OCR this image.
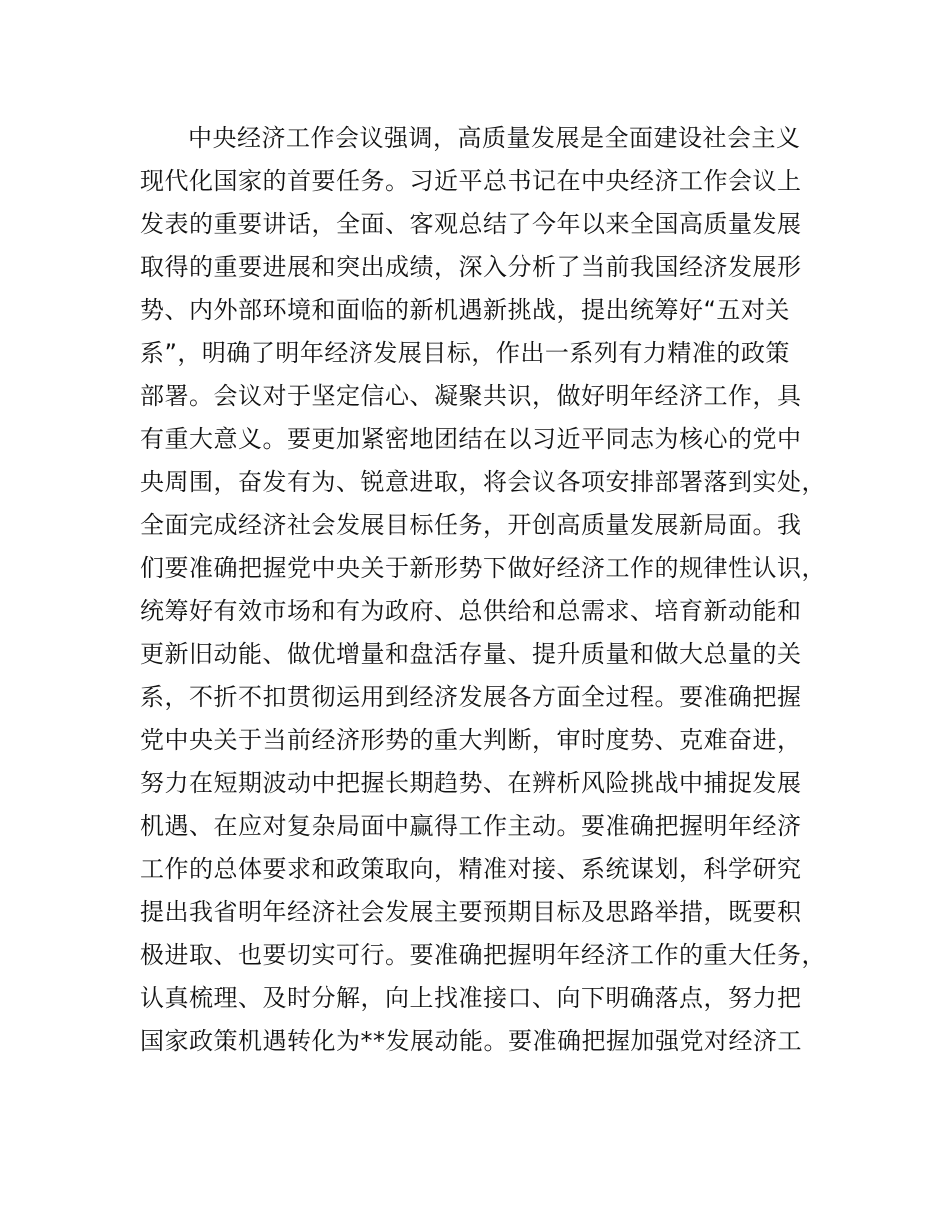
中央经济工作会议强调，高质量发展是全面建设社会主义
现代化国家的首要任务。习近平总书记在中央经济工作会议上
发表的重要讲话，全面、客观总结了今年以来全国高质量发展
取得的重要进展和突出成绩，深入分析了当前我国经济发展形
势、内外部环境和面临的新机遇新挑战，提出统筹好“五对关
系”，明确了明年经济发展目标，作出一系列有力精准的政策
部署。会议对于坚定信心、凝聚共识，做好明年经济工作，具
有重大意义。要更加紧密地团结在以习近平同志为核心的党中
央周围，奋发有为、锐意进取，将会议各项安排部署落到实处，
全面完成经济社会发展目标任务，开创高质量发展新局面。我
们要准确把握党中央关于新形势下做好经济工作的规律性认识，
统筹好有效市场和有为政府、总供给和总需求、培育新动能和
更新旧动能、做优增量和盘活存量、提升质量和做大总量的关
系，不折不扣贯彻运用到经济发展各方面全过程。要准确把握
党中央关于当前经济形势的重大判断，审时度势、克难奋进，
努力在短期波动中把握长期趋势、在辨析风险挑战中捕捉发展
机遇、在应对复杂局面中赢得工作主动。要准确把握明年经济
工作的总体要求和政策取向，精准对接、系统谋划，科学研究
提出我省明年经济社会发展主要预期目标及思路举措，既要积
极进取、也要切实可行。要准确把握明年经济工作的重大任务，
认真梳理、及时分解，向上找准接口、向下明确落点，努力把
国家政策机遇转化为**发展动能。要准确把握加强党对经济工
